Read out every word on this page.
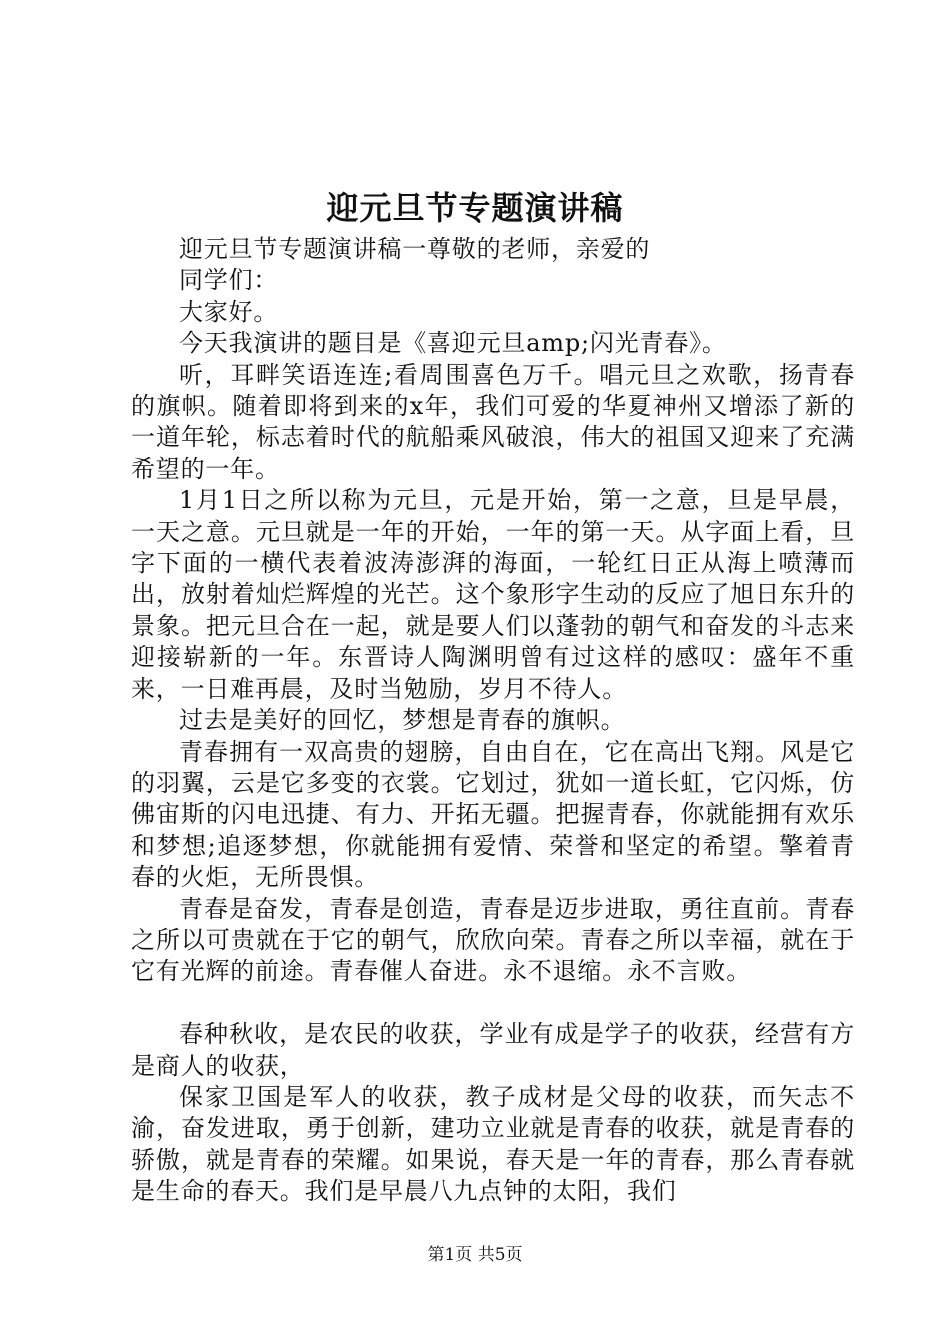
迎元旦节专题演讲稿

迎元旦节专题演讲稿一尊敬的老师，亲爱的

同学们：

大家好。

今天我演讲的题目是《喜迎元旦amp;闪光青春》。

听，耳畔笑语连连;看周围喜色万千。唱元旦之欢歌，扬青春的旗帜。随着即将到来的x年，我们可爱的华夏神州又增添了新的一道年轮，标志着时代的航船乘风破浪，伟大的祖国又迎来了充满希望的一年。

1月1日之所以称为元旦，元是开始，第一之意，旦是早晨，一天之意。元旦就是一年的开始，一年的第一天。从字面上看，旦字下面的一横代表着波涛澎湃的海面，一轮红日正从海上喷薄而出，放射着灿烂辉煌的光芒。这个象形字生动的反应了旭日东升的景象。把元旦合在一起，就是要人们以蓬勃的朝气和奋发的斗志来迎接崭新的一年。东晋诗人陶渊明曾有过这样的感叹：盛年不重来，一日难再晨，及时当勉励，岁月不待人。

过去是美好的回忆，梦想是青春的旗帜。

青春拥有一双高贵的翅膀，自由自在，它在高出飞翔。风是它的羽翼，云是它多变的衣裳。它划过，犹如一道长虹，它闪烁，仿佛宙斯的闪电迅捷、有力、开拓无疆。把握青春，你就能拥有欢乐和梦想;追逐梦想，你就能拥有爱情、荣誉和坚定的希望。擎着青春的火炬，无所畏惧。

青春是奋发，青春是创造，青春是迈步进取，勇往直前。青春之所以可贵就在于它的朝气，欣欣向荣。青春之所以幸福，就在于它有光辉的前途。青春催人奋进。永不退缩。永不言败。

春种秋收，是农民的收获，学业有成是学子的收获，经营有方是商人的收获，

保家卫国是军人的收获，教子成材是父母的收获，而矢志不渝，奋发进取，勇于创新，建功立业就是青春的收获，就是青春的骄傲，就是青春的荣耀。如果说，春天是一年的青春，那么青春就是生命的春天。我们是早晨八九点钟的太阳，我们

第1页 共5页
